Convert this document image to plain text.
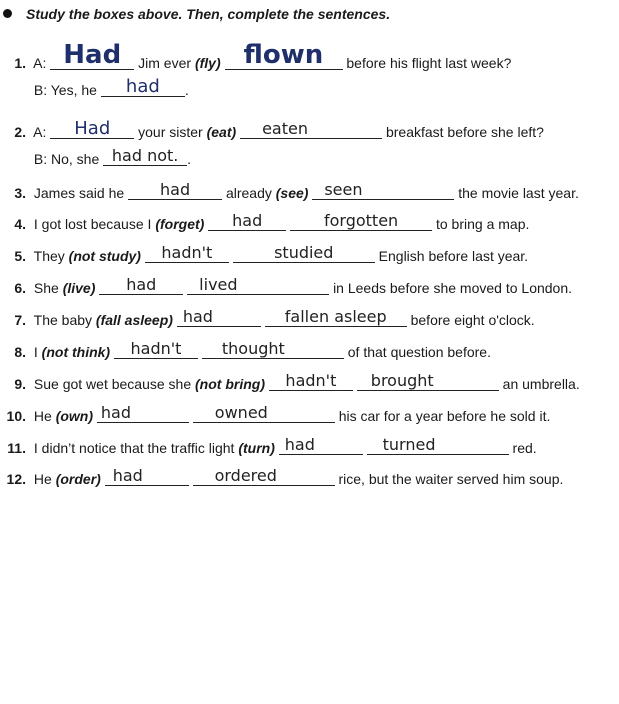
Study the boxes above. Then, complete the sentences.
1. A: Had	Jim ever (fly) flown	before his flight last week?
B: Yes, he	had	.
2. A:	Had	your sister (eat)	eaten	breakfast before she left?
B: No, she had not. .
3. James said he	had	already (see) seen	the movie last year.
4. I got lost because I (forget)	had
	forgotten	to bring a map.
5. They (not study)	hadn't
	studied	English before last year.
6. She (live)	had
	lived	in Leeds before she moved to London.
7. The baby (fall asleep) had
	fallen asleep	before eight o'clock.
8. I (not think)	hadn't
	thought	of that question before.
9. Sue got wet because she (not bring)	hadn't
	brought	an umbrella.
10. He (own) had
	owned	his car for a year before he sold it.
11. I didn’t notice that the traffic light (turn) had
	turned	red.
12. He (order) had
	ordered	rice, but the waiter served him soup.
